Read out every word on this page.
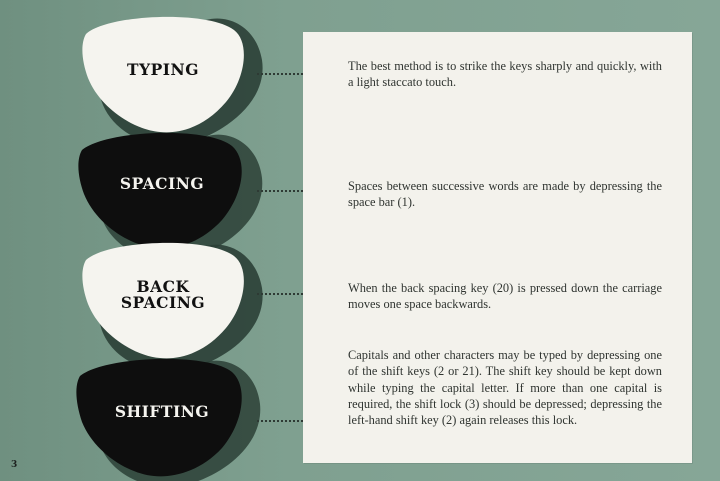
TYPING
SPACING
BACK
SPACING
SHIFTING

The best method is to strike the keys sharply and quickly, with a light staccato touch.

Spaces between successive words are made by depressing the space bar (1).

When the back spacing key (20) is pressed down the carriage moves one space backwards.

Capitals and other characters may be typed by depressing one of the shift keys (2 or 21). The shift key should be kept down while typing the capital letter. If more than one capital is required, the shift lock (3) should be depressed; depressing the left-hand shift key (2) again releases this lock.

3
